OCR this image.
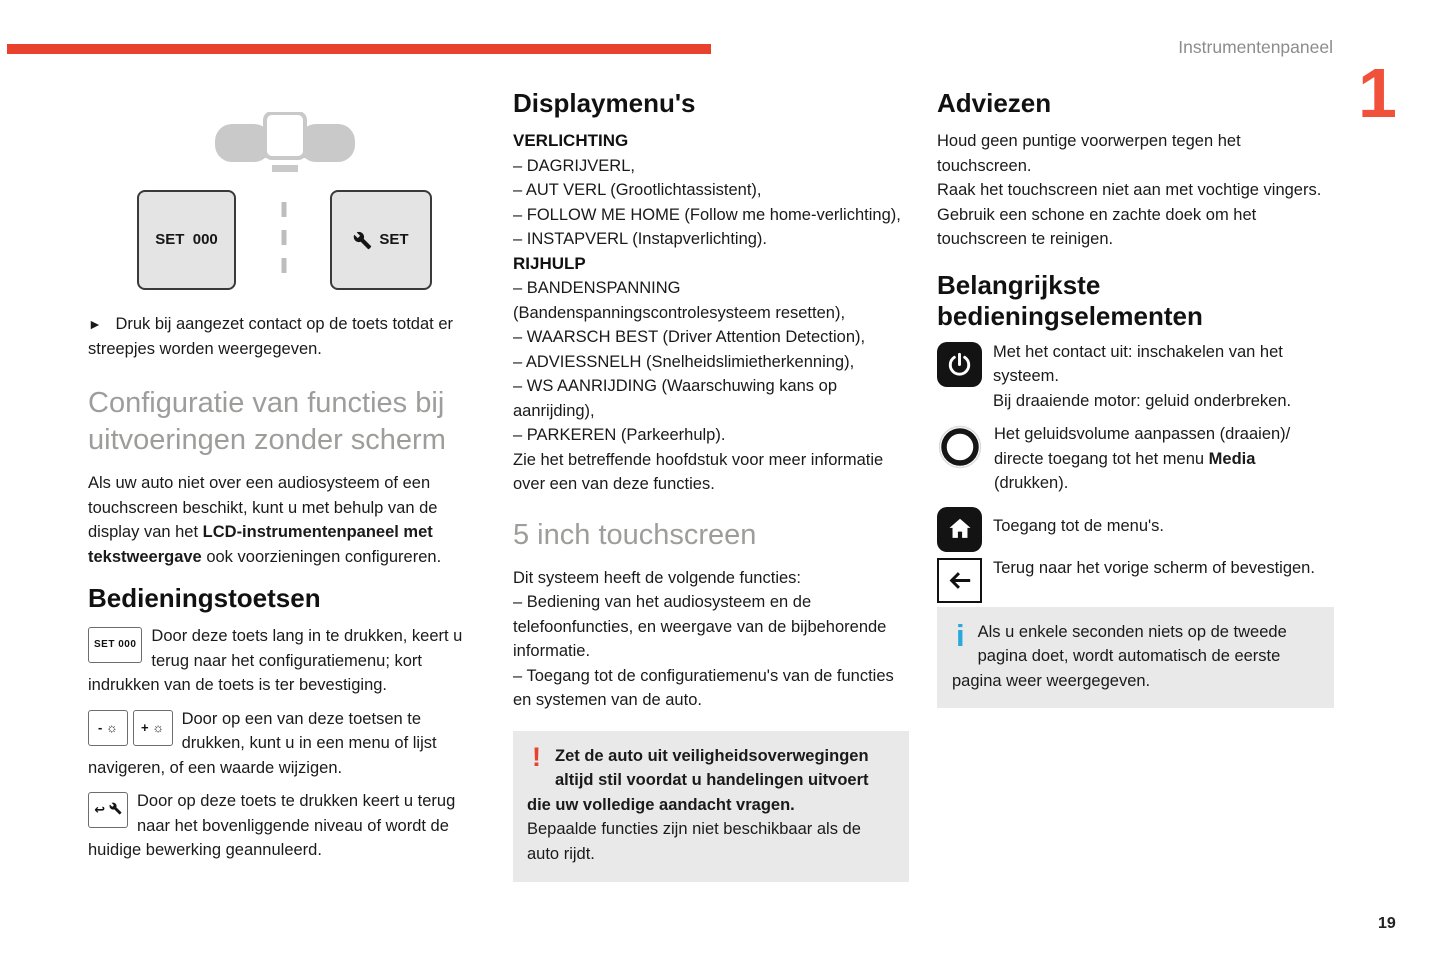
Instrumentenpaneel
1
19
SET  000	SET

► Druk bij aangezet contact op de toets totdat er streepjes worden weergegeven.

Configuratie van functies bij uitvoeringen zonder scherm

Als uw auto niet over een audiosysteem of een touchscreen beschikt, kunt u met behulp van de display van het LCD-instrumentenpaneel met tekstweergave ook voorzieningen configureren.

Bedieningstoetsen
SET 000 Door deze toets lang in te drukken, keert u terug naar het configuratiemenu; kort indrukken van de toets is ter bevestiging.
- ☼ + ☼	Door op een van deze toetsen te drukken, kunt u in een menu of lijst navigeren, of een waarde wijzigen.
↩	Door op deze toets te drukken keert u terug naar het bovenliggende niveau of wordt de huidige bewerking geannuleerd.
Displaymenu's

VERLICHTING

– DAGRIJVERL,

– AUT VERL (Grootlichtassistent),

– FOLLOW ME HOME (Follow me home-verlichting),

– INSTAPVERL (Instapverlichting).

RIJHULP

– BANDENSPANNING (Bandenspanningscontrolesysteem resetten),

– WAARSCH BEST (Driver Attention Detection),

– ADVIESSNELH (Snelheidslimietherkenning),

– WS AANRIJDING (Waarschuwing kans op aanrijding),

– PARKEREN (Parkeerhulp).

Zie het betreffende hoofdstuk voor meer informatie over een van deze functies.

5 inch touchscreen

Dit systeem heeft de volgende functies:

– Bediening van het audiosysteem en de telefoonfuncties, en weergave van de bijbehorende informatie.

– Toegang tot de configuratiemenu's van de functies en systemen van de auto.

! Zet de auto uit veiligheidsoverwegingen altijd stil voordat u handelingen uitvoert die uw volledige aandacht vragen.

Bepaalde functies zijn niet beschikbaar als de auto rijdt.

Adviezen

Houd geen puntige voorwerpen tegen het touchscreen.

Raak het touchscreen niet aan met vochtige vingers.

Gebruik een schone en zachte doek om het touchscreen te reinigen.

Belangrijkste bedieningselementen

Met het contact uit: inschakelen van het systeem.

Bij draaiende motor: geluid onderbreken.

Het geluidsvolume aanpassen (draaien)/ directe toegang tot het menu Media (drukken).

Toegang tot de menu's.

Terug naar het vorige scherm of bevestigen.

i Als u enkele seconden niets op de tweede pagina doet, wordt automatisch de eerste pagina weer weergegeven.
